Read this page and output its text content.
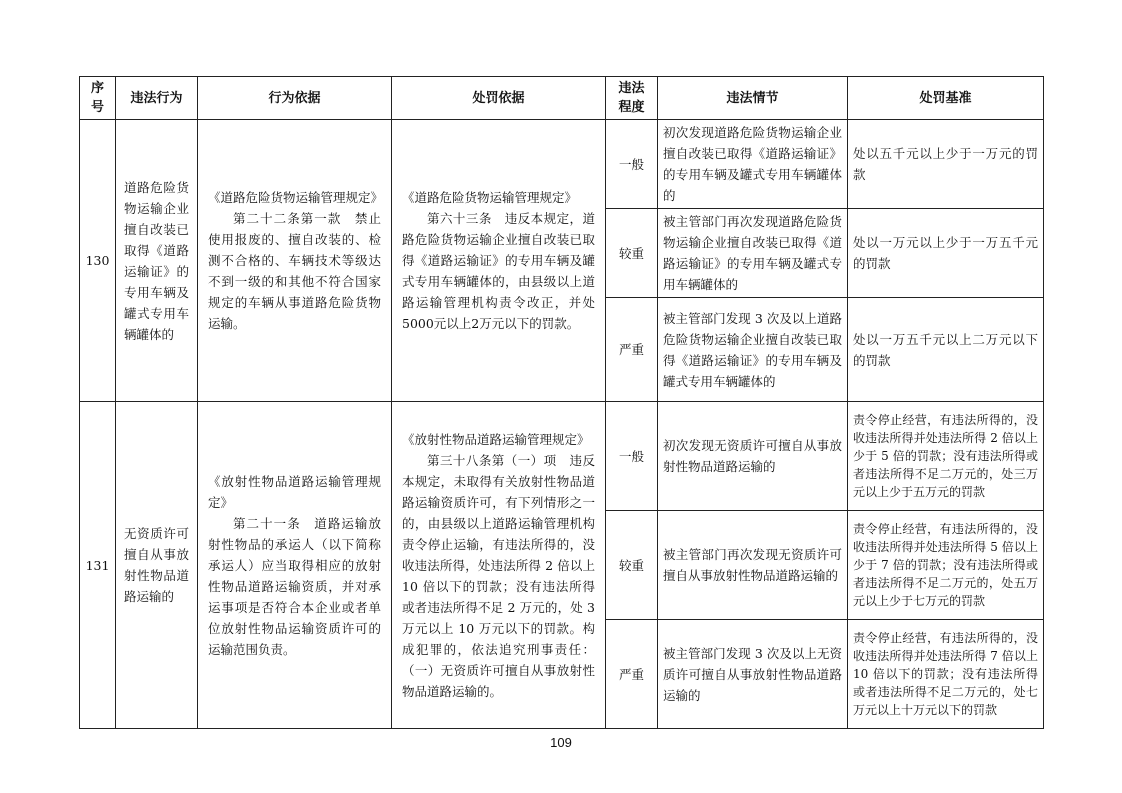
序号	违法行为	行为依据	处罚依据	违法程度	违法情节	处罚基准
130	道路危险货物运输企业擅自改装已取得《道路运输证》的专用车辆及罐式专用车辆罐体的	《道路危险货物运输管理规定》
第二十二条第一款　禁止使用报废的、擅自改装的、检测不合格的、车辆技术等级达不到一级的和其他不符合国家规定的车辆从事道路危险货物运输。	《道路危险货物运输管理规定》
第六十三条　违反本规定，道路危险货物运输企业擅自改装已取得《道路运输证》的专用车辆及罐式专用车辆罐体的，由县级以上道路运输管理机构责令改正，并处5000元以上2万元以下的罚款。	一般	初次发现道路危险货物运输企业擅自改装已取得《道路运输证》的专用车辆及罐式专用车辆罐体的	处以五千元以上少于一万元的罚款
				较重	被主管部门再次发现道路危险货物运输企业擅自改装已取得《道路运输证》的专用车辆及罐式专用车辆罐体的	处以一万元以上少于一万五千元的罚款
				严重	被主管部门发现 3 次及以上道路危险货物运输企业擅自改装已取得《道路运输证》的专用车辆及罐式专用车辆罐体的	处以一万五千元以上二万元以下的罚款
131	无资质许可擅自从事放射性物品道路运输的	《放射性物品道路运输管理规定》
第二十一条　道路运输放射性物品的承运人（以下简称承运人）应当取得相应的放射性物品道路运输资质，并对承运事项是否符合本企业或者单位放射性物品运输资质许可的运输范围负责。	《放射性物品道路运输管理规定》
第三十八条第（一）项　违反本规定，未取得有关放射性物品道路运输资质许可，有下列情形之一的，由县级以上道路运输管理机构责令停止运输，有违法所得的，没收违法所得，处违法所得 2 倍以上 10 倍以下的罚款；没有违法所得或者违法所得不足 2 万元的，处 3 万元以上 10 万元以下的罚款。构成犯罪的，依法追究刑事责任：（一）无资质许可擅自从事放射性物品道路运输的。	一般	初次发现无资质许可擅自从事放射性物品道路运输的	责令停止经营，有违法所得的，没收违法所得并处违法所得 2 倍以上少于 5 倍的罚款；没有违法所得或者违法所得不足二万元的，处三万元以上少于五万元的罚款
				较重	被主管部门再次发现无资质许可擅自从事放射性物品道路运输的	责令停止经营，有违法所得的，没收违法所得并处违法所得 5 倍以上少于 7 倍的罚款；没有违法所得或者违法所得不足二万元的，处五万元以上少于七万元的罚款
				严重	被主管部门发现 3 次及以上无资质许可擅自从事放射性物品道路运输的	责令停止经营，有违法所得的，没收违法所得并处违法所得 7 倍以上 10 倍以下的罚款；没有违法所得或者违法所得不足二万元的，处七万元以上十万元以下的罚款
109
